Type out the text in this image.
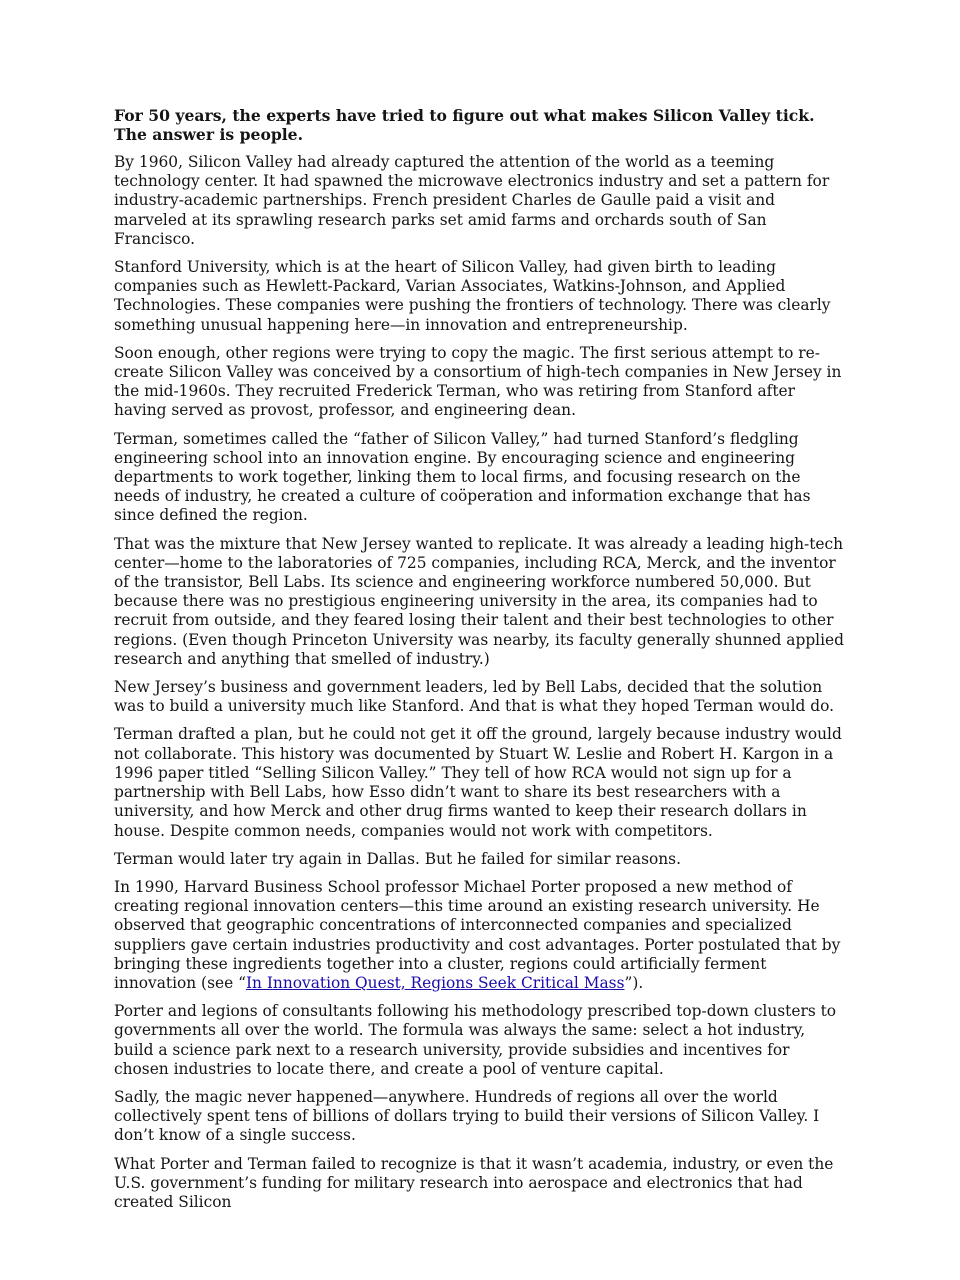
For 50 years, the experts have tried to figure out what makes Silicon Valley tick. The answer is people.

By 1960, Silicon Valley had already captured the attention of the world as a teeming technology center. It had spawned the microwave electronics industry and set a pattern for industry-academic partnerships. French president Charles de Gaulle paid a visit and marveled at its sprawling research parks set amid farms and orchards south of San Francisco.

Stanford University, which is at the heart of Silicon Valley, had given birth to leading companies such as Hewlett-Packard, Varian Associates, Watkins-Johnson, and Applied Technologies. These companies were pushing the frontiers of technology. There was clearly something unusual happening here—in innovation and entrepreneurship.

Soon enough, other regions were trying to copy the magic. The first serious attempt to re-create Silicon Valley was conceived by a consortium of high-tech companies in New Jersey in the mid-1960s. They recruited Frederick Terman, who was retiring from Stanford after having served as provost, professor, and engineering dean.

Terman, sometimes called the “father of Silicon Valley,” had turned Stanford’s fledgling engineering school into an innovation engine. By encouraging science and engineering departments to work together, linking them to local firms, and focusing research on the needs of industry, he created a culture of coöperation and information exchange that has since defined the region.

That was the mixture that New Jersey wanted to replicate. It was already a leading high-tech center—home to the laboratories of 725 companies, including RCA, Merck, and the inventor of the transistor, Bell Labs. Its science and engineering workforce numbered 50,000. But because there was no prestigious engineering university in the area, its companies had to recruit from outside, and they feared losing their talent and their best technologies to other regions. (Even though Princeton University was nearby, its faculty generally shunned applied research and anything that smelled of industry.)

New Jersey’s business and government leaders, led by Bell Labs, decided that the solution was to build a university much like Stanford. And that is what they hoped Terman would do.

Terman drafted a plan, but he could not get it off the ground, largely because industry would not collaborate. This history was documented by Stuart W. Leslie and Robert H. Kargon in a 1996 paper titled “Selling Silicon Valley.” They tell of how RCA would not sign up for a partnership with Bell Labs, how Esso didn’t want to share its best researchers with a university, and how Merck and other drug firms wanted to keep their research dollars in house. Despite common needs, companies would not work with competitors.

Terman would later try again in Dallas. But he failed for similar reasons.

In 1990, Harvard Business School professor Michael Porter proposed a new method of creating regional innovation centers—this time around an existing research university. He observed that geographic concentrations of interconnected companies and specialized suppliers gave certain industries productivity and cost advantages. Porter postulated that by bringing these ingredients together into a cluster, regions could artificially ferment innovation (see “In Innovation Quest, Regions Seek Critical Mass”).

Porter and legions of consultants following his methodology prescribed top-down clusters to governments all over the world. The formula was always the same: select a hot industry, build a science park next to a research university, provide subsidies and incentives for chosen industries to locate there, and create a pool of venture capital.

Sadly, the magic never happened—anywhere. Hundreds of regions all over the world collectively spent tens of billions of dollars trying to build their versions of Silicon Valley. I don’t know of a single success.

What Porter and Terman failed to recognize is that it wasn’t academia, industry, or even the U.S. government’s funding for military research into aerospace and electronics that had created Silicon
